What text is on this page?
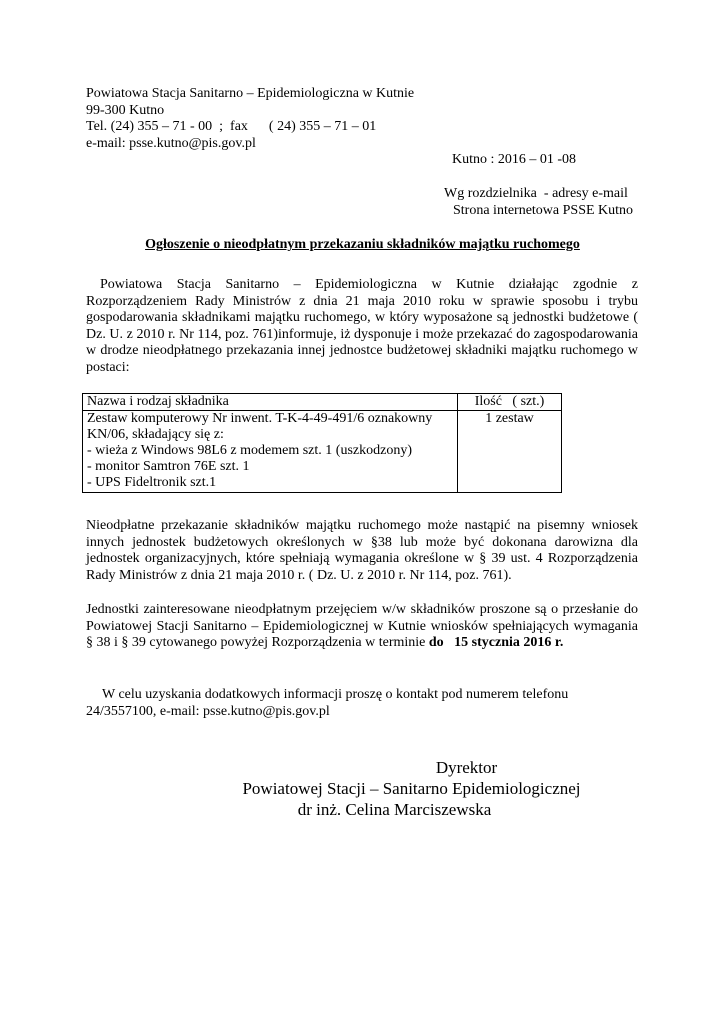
Powiatowa Stacja Sanitarno – Epidemiologiczna w Kutnie
99-300 Kutno
Tel. (24) 355 – 71 - 00  ;  fax      ( 24) 355 – 71 – 01
e-mail: psse.kutno@pis.gov.pl
Kutno : 2016 – 01 -08
Wg rozdzielnika  - adresy e-mail
Strona internetowa PSSE Kutno
Ogłoszenie o nieodpłatnym przekazaniu składników majątku ruchomego

Powiatowa Stacja Sanitarno – Epidemiologiczna w Kutnie działając zgodnie z Rozporządzeniem Rady Ministrów z dnia 21 maja 2010 roku w sprawie sposobu i trybu gospodarowania składnikami majątku ruchomego, w który wyposażone są jednostki budżetowe ( Dz. U. z 2010 r. Nr 114, poz. 761)informuje, iż dysponuje i może przekazać do zagospodarowania w drodze nieodpłatnego przekazania innej jednostce budżetowej składniki majątku ruchomego w postaci:

Nazwa i rodzaj składnika	Ilość   ( szt.)

Zestaw komputerowy Nr inwent. T-K-4-49-491/6 oznakowny
KN/06, składający się z:
- wieża z Windows 98L6 z modemem szt. 1 (uszkodzony)
- monitor Samtron 76E szt. 1
- UPS Fideltronik szt.1	1 zestaw
Nieodpłatne przekazanie składników majątku ruchomego może nastąpić na pisemny wniosek innych jednostek budżetowych określonych w §38 lub może być dokonana darowizna dla jednostek organizacyjnych, które spełniają wymagania określone w § 39 ust. 4 Rozporządzenia Rady Ministrów z dnia 21 maja 2010 r. ( Dz. U. z 2010 r. Nr 114, poz. 761).
Jednostki zainteresowane nieodpłatnym przejęciem w/w składników proszone są o przesłanie do Powiatowej Stacji Sanitarno – Epidemiologicznej w Kutnie wniosków spełniających wymagania § 38 i § 39 cytowanego powyżej Rozporządzenia w terminie do   15 stycznia 2016 r.
W celu uzyskania dodatkowych informacji proszę o kontakt pod numerem telefonu
24/3557100, e-mail: psse.kutno@pis.gov.pl
Dyrektor
Powiatowej Stacji – Sanitarno Epidemiologicznej
dr inż. Celina Marciszewska
